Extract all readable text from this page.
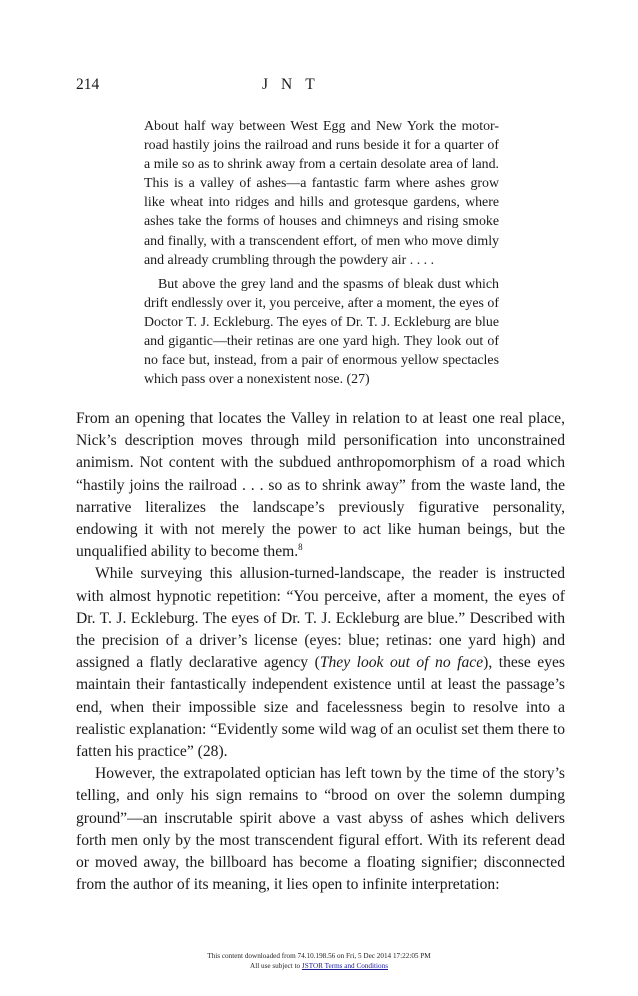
214	JNT

About half way between West Egg and New York the motor-road hastily joins the railroad and runs beside it for a quarter of a mile so as to shrink away from a certain desolate area of land. This is a valley of ashes—a fantastic farm where ashes grow like wheat into ridges and hills and grotesque gardens, where ashes take the forms of houses and chimneys and rising smoke and finally, with a transcendent effort, of men who move dimly and already crumbling through the powdery air . . . .

But above the grey land and the spasms of bleak dust which drift endlessly over it, you perceive, after a moment, the eyes of Doctor T. J. Eckleburg. The eyes of Dr. T. J. Eckleburg are blue and gigantic—their retinas are one yard high. They look out of no face but, instead, from a pair of enormous yellow spectacles which pass over a nonexistent nose. (27)

From an opening that locates the Valley in relation to at least one real place, Nick’s description moves through mild personification into unconstrained animism. Not content with the subdued anthropomorphism of a road which “hastily joins the railroad . . . so as to shrink away” from the waste land, the narrative literalizes the landscape’s previously figurative personality, endowing it with not merely the power to act like human beings, but the unqualified ability to become them.$^8$

While surveying this allusion-turned-landscape, the reader is instructed with almost hypnotic repetition: “You perceive, after a moment, the eyes of Dr. T. J. Eckleburg. The eyes of Dr. T. J. Eckleburg are blue.” Described with the precision of a driver’s license (eyes: blue; retinas: one yard high) and assigned a flatly declarative agency (They look out of no face), these eyes maintain their fantastically independent existence until at least the passage’s end, when their impossible size and facelessness begin to resolve into a realistic explanation: “Evidently some wild wag of an oculist set them there to fatten his practice” (28).

However, the extrapolated optician has left town by the time of the story’s telling, and only his sign remains to “brood on over the solemn dumping ground”—an inscrutable spirit above a vast abyss of ashes which delivers forth men only by the most transcendent figural effort. With its referent dead or moved away, the billboard has become a floating signifier; disconnected from the author of its meaning, it lies open to infinite interpretation:

This content downloaded from 74.10.198.56 on Fri, 5 Dec 2014 17:22:05 PM
All use subject to JSTOR Terms and Conditions
